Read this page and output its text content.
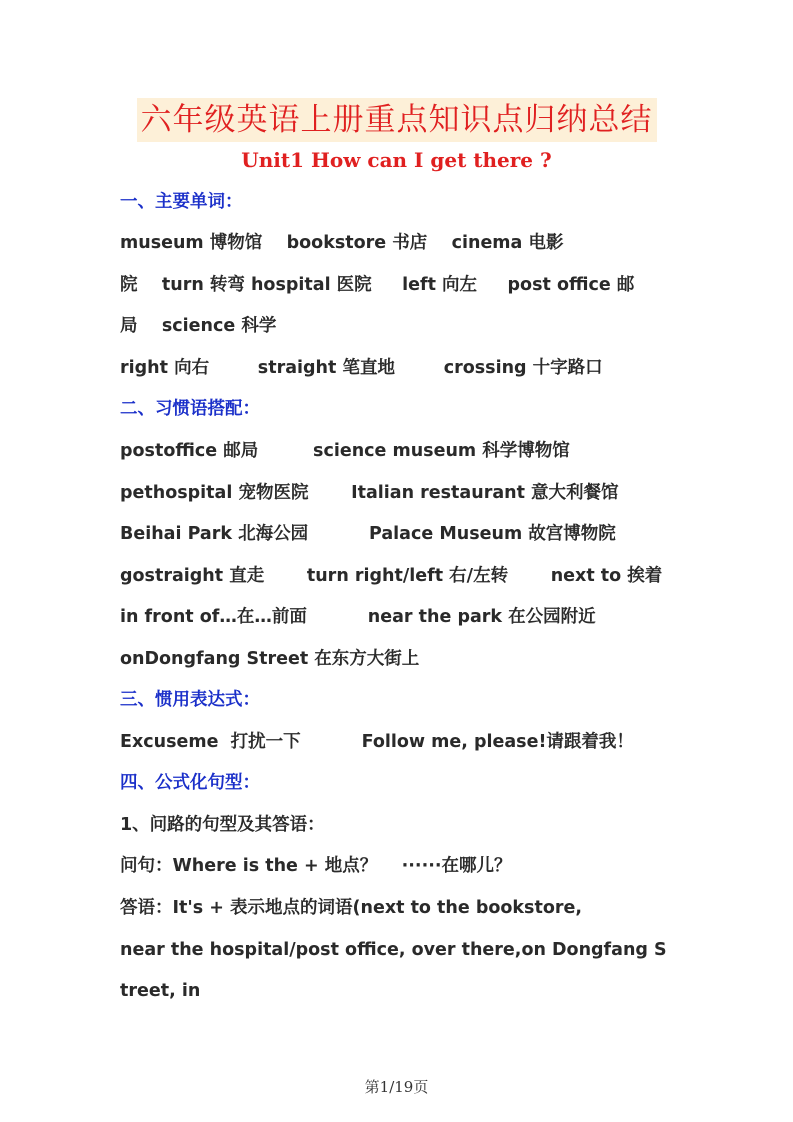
六年级英语上册重点知识点归纳总结
Unit1 How can I get there ?
一、主要单词：
museum 博物馆    bookstore 书店    cinema 电影
院    turn 转弯 hospital 医院     left 向左     post office 邮
局    science 科学
right 向右        straight 笔直地        crossing 十字路口
二、习惯语搭配：
postoffice 邮局         science museum 科学博物馆
pethospital 宠物医院       Italian restaurant 意大利餐馆
Beihai Park 北海公园          Palace Museum 故宫博物院
gostraight 直走       turn right/left 右/左转       next to 挨着
in front of…在…前面          near the park 在公园附近
onDongfang Street 在东方大街上
三、惯用表达式：
Excuseme  打扰一下          Follow me, please!请跟着我！
四、公式化句型：
1、问路的句型及其答语：
问句：Where is the + 地点？    ······在哪儿？
答语：It's + 表示地点的词语(next to the bookstore,
near the hospital/post office, over there,on Dongfang S
treet, in
第1/19页
